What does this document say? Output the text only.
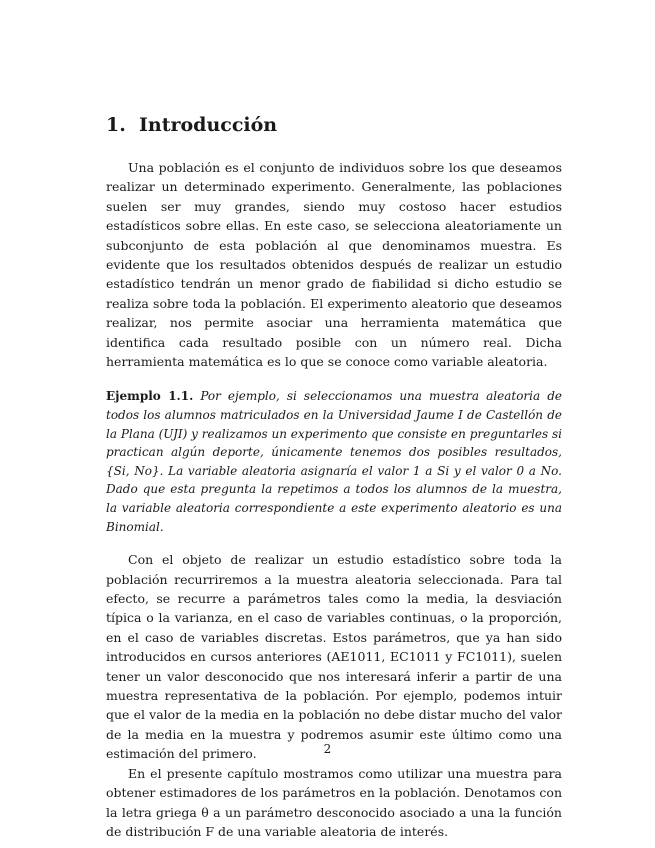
1. Introducción

Una población es el conjunto de individuos sobre los que deseamos realizar un determinado experimento. Generalmente, las poblaciones suelen ser muy grandes, siendo muy costoso hacer estudios estadísticos sobre ellas. En este caso, se selecciona aleatoriamente un subconjunto de esta población al que denominamos muestra. Es evidente que los resultados obtenidos después de realizar un estudio estadístico tendrán un menor grado de fiabilidad si dicho estudio se realiza sobre toda la población. El experimento aleatorio que deseamos realizar, nos permite asociar una herramienta matemática que identifica cada resultado posible con un número real. Dicha herramienta matemática es lo que se conoce como variable aleatoria.

Ejemplo 1.1. Por ejemplo, si seleccionamos una muestra aleatoria de todos los alumnos matriculados en la Universidad Jaume I de Castellón de la Plana (UJI) y realizamos un experimento que consiste en preguntarles si practican algún deporte, únicamente tenemos dos posibles resultados, {Si, No}. La variable aleatoria asignaría el valor 1 a Si y el valor 0 a No. Dado que esta pregunta la repetimos a todos los alumnos de la muestra, la variable aleatoria correspondiente a este experimento aleatorio es una Binomial.

Con el objeto de realizar un estudio estadístico sobre toda la población recurriremos a la muestra aleatoria seleccionada. Para tal efecto, se recurre a parámetros tales como la media, la desviación típica o la varianza, en el caso de variables continuas, o la proporción, en el caso de variables discretas. Estos parámetros, que ya han sido introducidos en cursos anteriores (AE1011, EC1011 y FC1011), suelen tener un valor desconocido que nos interesará inferir a partir de una muestra representativa de la población. Por ejemplo, podemos intuir que el valor de la media en la población no debe distar mucho del valor de la media en la muestra y podremos asumir este último como una estimación del primero.

En el presente capítulo mostramos como utilizar una muestra para obtener estimadores de los parámetros en la población. Denotamos con la letra griega θ a un parámetro desconocido asociado a una la función de distribución F de una variable aleatoria de interés.

2
